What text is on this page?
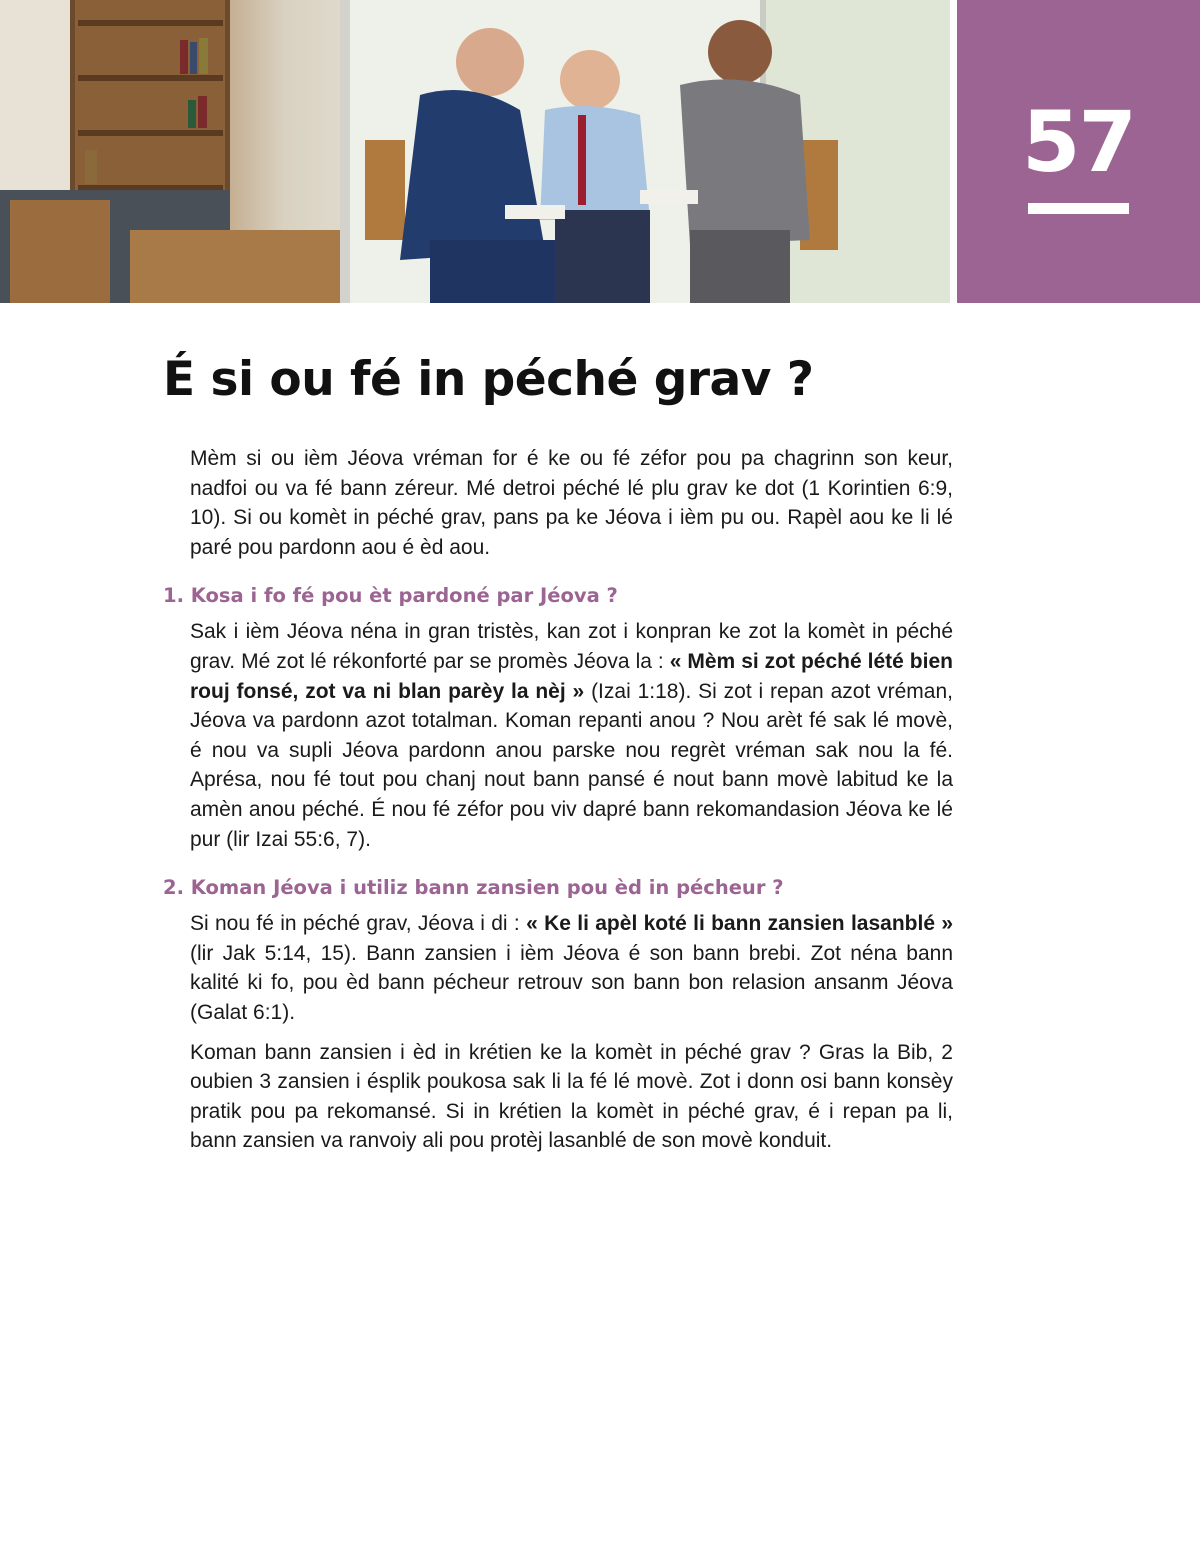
57
É si ou fé in péché grav ?

Mèm si ou ièm Jéova vréman for é ke ou fé zéfor pou pa chagrinn son keur, nadfoi ou va fé bann zéreur. Mé detroi péché lé plu grav ke dot (1 Korintien 6:9, 10). Si ou komèt in péché grav, pans pa ke Jéova i ièm pu ou. Rapèl aou ke li lé paré pou pardonn aou é èd aou.

1. Kosa i fo fé pou èt pardoné par Jéova ?

Sak i ièm Jéova néna in gran tristès, kan zot i konpran ke zot la komèt in péché grav. Mé zot lé rékonforté par se promès Jéova la : « Mèm si zot péché lété bien rouj fonsé, zot va ni blan parèy la nèj » (Izai 1:18). Si zot i repan azot vréman, Jéova va pardonn azot totalman. Koman repanti anou ? Nou arèt fé sak lé movè, é nou va supli Jéova pardonn anou parske nou regrèt vréman sak nou la fé. Aprésa, nou fé tout pou chanj nout bann pansé é nout bann movè labitud ke la amèn anou péché. É nou fé zéfor pou viv dapré bann rekomandasion Jéova ke lé pur (lir Izai 55:6, 7).

2. Koman Jéova i utiliz bann zansien pou èd in pécheur ?

Si nou fé in péché grav, Jéova i di : « Ke li apèl koté li bann zansien lasanblé » (lir Jak 5:14, 15). Bann zansien i ièm Jéova é son bann brebi. Zot néna bann kalité ki fo, pou èd bann pécheur retrouv son bann bon relasion ansanm Jéova (Galat 6:1).

Koman bann zansien i èd in krétien ke la komèt in péché grav ? Gras la Bib, 2 oubien 3 zansien i ésplik poukosa sak li la fé lé movè. Zot i donn osi bann konsèy pratik pou pa rekomansé. Si in krétien la komèt in péché grav, é i repan pa li, bann zansien va ranvoiy ali pou protèj lasanblé de son movè konduit.
